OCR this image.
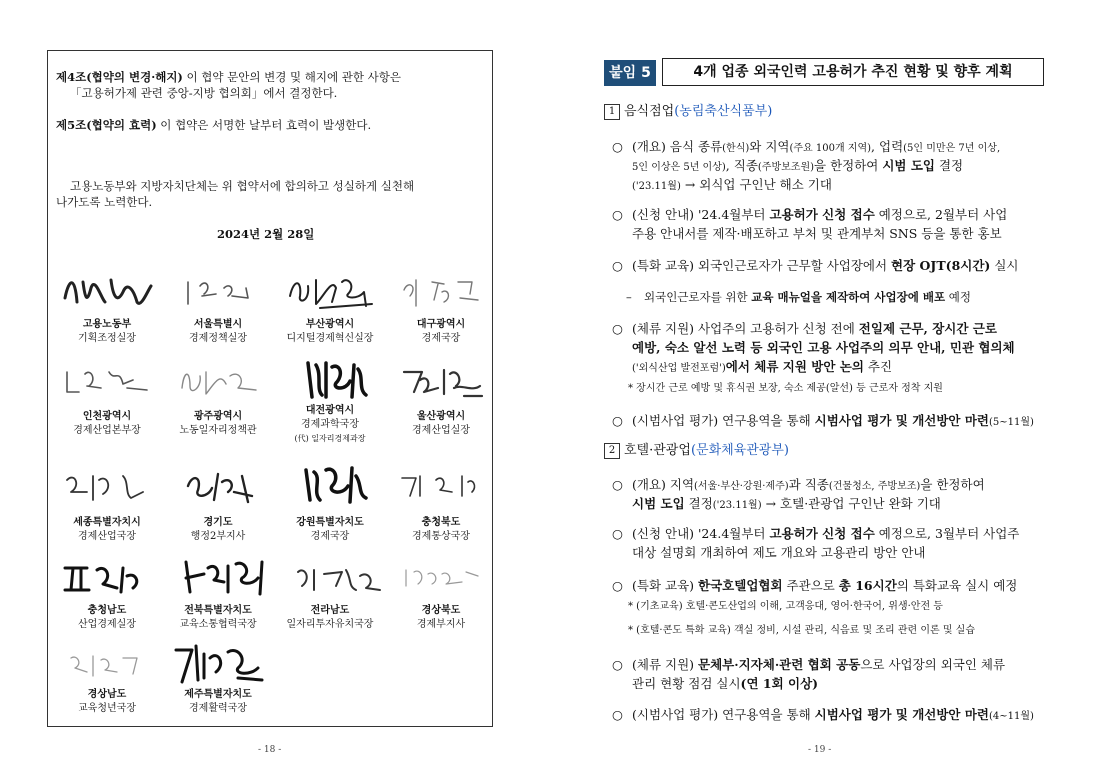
제4조(협약의 변경·해지) 이 협약 문안의 변경 및 해지에 관한 사항은
「고용허가제 관련 중앙-지방 협의회」에서 결정한다.
제5조(협약의 효력) 이 협약은 서명한 날부터 효력이 발생한다.
고용노동부와 지방자치단체는 위 협약서에 합의하고 성실하게 실천해
나가도록 노력한다.
2024년 2월 28일
고용노동부
기획조정실장
서울특별시
경제정책실장
부산광역시
디지털경제혁신실장
대구광역시
경제국장
인천광역시
경제산업본부장
광주광역시
노동일자리정책관
대전광역시
경제과학국장
(代) 일자리경제과장
울산광역시
경제산업실장
세종특별자치시
경제산업국장
경기도
행정2부지사
강원특별자치도
경제국장
충청북도
경제통상국장
충청남도
산업경제실장
전북특별자치도
교육소통협력국장
전라남도
일자리투자유치국장
경상북도
경제부지사
경상남도
교육청년국장
제주특별자치도
경제활력국장
- 18 -
붙임 5	4개 업종 외국인력 고용허가 추진 현황 및 향후 계획
1 음식점업(농림축산식품부)
○ (개요) 음식 종류(한식)와 지역(주요 100개 지역), 업력(5인 미만은 7년 이상,
5인 이상은 5년 이상), 직종(주방보조원)을 한정하여 시범 도입 결정
('23.11월) → 외식업 구인난 해소 기대
○ (신청 안내) '24.4월부터 고용허가 신청 접수 예정으로, 2월부터 사업
주용 안내서를 제작·배포하고 부처 및 관계부처 SNS 등을 통한 홍보
○ (특화 교육) 외국인근로자가 근무할 사업장에서 현장 OJT(8시간) 실시
– 외국인근로자를 위한 교육 매뉴얼을 제작하여 사업장에 배포 예정
○ (체류 지원) 사업주의 고용허가 신청 전에 전일제 근무, 장시간 근로
예방, 숙소 알선 노력 등 외국인 고용 사업주의 의무 안내, 민관 협의체
('외식산업 발전포럼')에서 체류 지원 방안 논의 추진
* 장시간 근로 예방 및 휴식권 보장, 숙소 제공(알선) 등 근로자 정착 지원
○ (시범사업 평가) 연구용역을 통해 시범사업 평가 및 개선방안 마련(5~11월)
2 호텔·관광업(문화체육관광부)
○ (개요) 지역(서울·부산·강원·제주)과 직종(건물청소, 주방보조)을 한정하여
시범 도입 결정('23.11월) → 호텔·관광업 구인난 완화 기대
○ (신청 안내) '24.4월부터 고용허가 신청 접수 예정으로, 3월부터 사업주
대상 설명회 개최하여 제도 개요와 고용관리 방안 안내
○ (특화 교육) 한국호텔업협회 주관으로 총 16시간의 특화교육 실시 예정
* (기초교육) 호텔·콘도산업의 이해, 고객응대, 영어·한국어, 위생·안전 등
* (호텔·콘도 특화 교육) 객실 정비, 시설 관리, 식음료 및 조리 관련 이론 및 실습
○ (체류 지원) 문체부·지자체·관련 협회 공동으로 사업장의 외국인 체류
관리 현황 점검 실시(연 1회 이상)
○ (시범사업 평가) 연구용역을 통해 시범사업 평가 및 개선방안 마련(4~11월)
- 19 -
